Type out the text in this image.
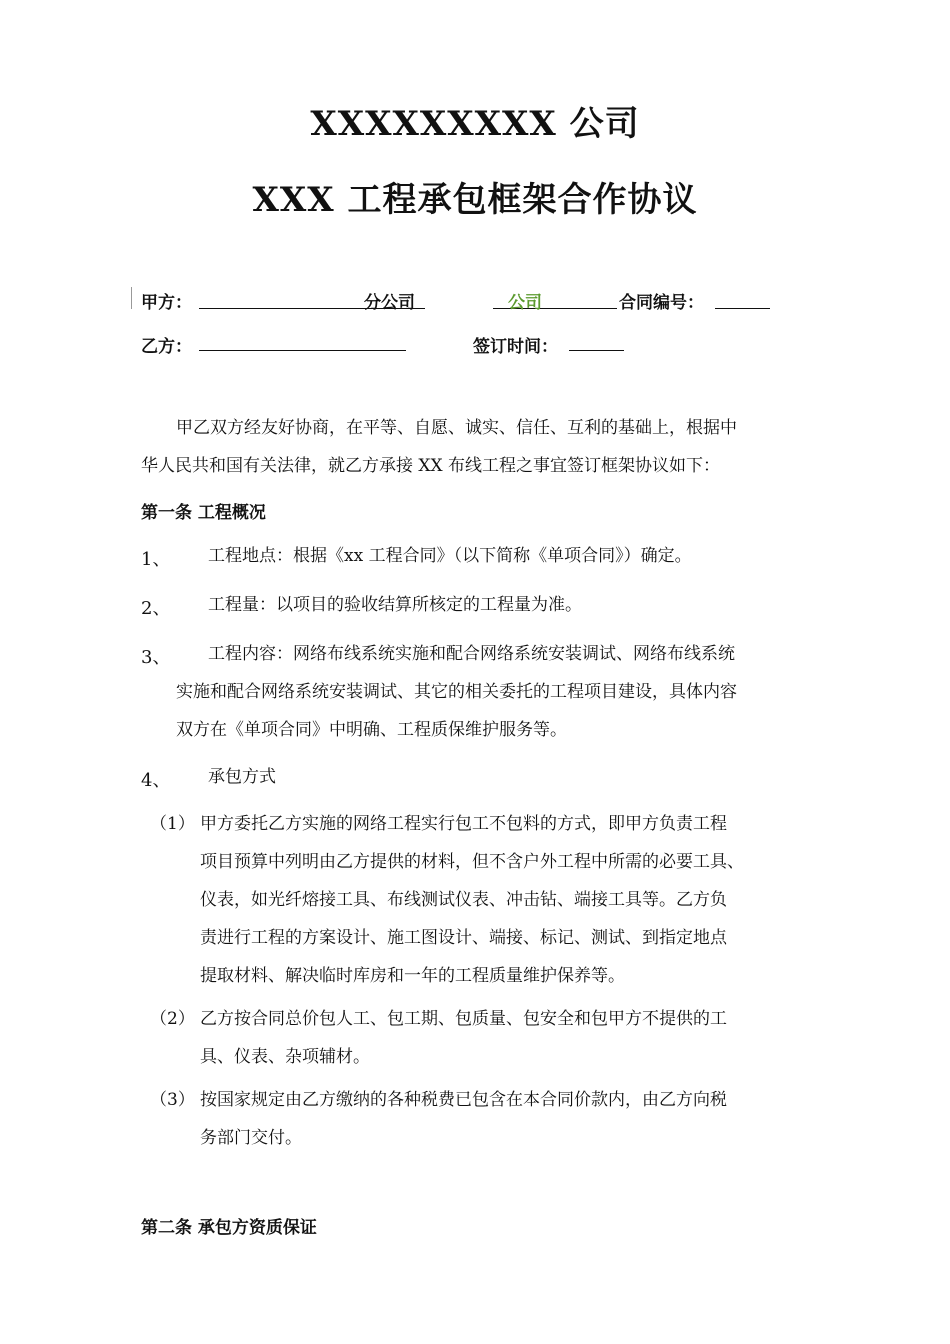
XXXXXXXXX 公司
XXX 工程承包框架合作协议
甲方：	分公司	公司	合同编号：
乙方：	签订时间：
甲乙双方经友好协商，在平等、自愿、诚实、信任、互利的基础上，根据中
华人民共和国有关法律，就乙方承接 XX 布线工程之事宜签订框架协议如下：
第一条 工程概况
1、 工程地点：根据《xx 工程合同》（以下简称《单项合同》）确定。
2、 工程量：以项目的验收结算所核定的工程量为准。
3、 工程内容：网络布线系统实施和配合网络系统安装调试、网络布线系统
实施和配合网络系统安装调试、其它的相关委托的工程项目建设，具体内容
双方在《单项合同》中明确、工程质保维护服务等。
4、 承包方式
（1） 甲方委托乙方实施的网络工程实行包工不包料的方式，即甲方负责工程
项目预算中列明由乙方提供的材料，但不含户外工程中所需的必要工具、
仪表，如光纤熔接工具、布线测试仪表、冲击钻、端接工具等。乙方负
责进行工程的方案设计、施工图设计、端接、标记、测试、到指定地点
提取材料、解决临时库房和一年的工程质量维护保养等。
（2） 乙方按合同总价包人工、包工期、包质量、包安全和包甲方不提供的工
具、仪表、杂项辅材。
（3） 按国家规定由乙方缴纳的各种税费已包含在本合同价款内，由乙方向税
务部门交付。
第二条 承包方资质保证
